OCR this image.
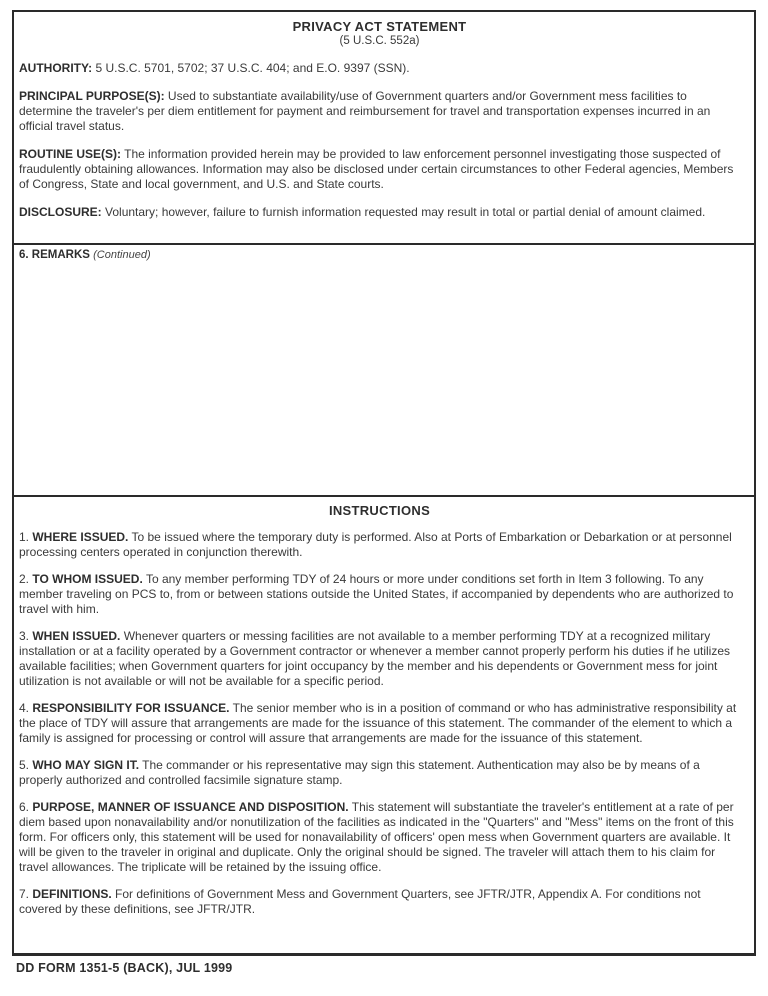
PRIVACY ACT STATEMENT
(5 U.S.C. 552a)

AUTHORITY: 5 U.S.C. 5701, 5702; 37 U.S.C. 404; and E.O. 9397 (SSN).

PRINCIPAL PURPOSE(S): Used to substantiate availability/use of Government quarters and/or Government mess facilities to determine the traveler's per diem entitlement for payment and reimbursement for travel and transportation expenses incurred in an official travel status.

ROUTINE USE(S): The information provided herein may be provided to law enforcement personnel investigating those suspected of fraudulently obtaining allowances. Information may also be disclosed under certain circumstances to other Federal agencies, Members of Congress, State and local government, and U.S. and State courts.

DISCLOSURE: Voluntary; however, failure to furnish information requested may result in total or partial denial of amount claimed.

6. REMARKS (Continued)
INSTRUCTIONS

1. WHERE ISSUED. To be issued where the temporary duty is performed. Also at Ports of Embarkation or Debarkation or at personnel processing centers operated in conjunction therewith.

2. TO WHOM ISSUED. To any member performing TDY of 24 hours or more under conditions set forth in Item 3 following. To any member traveling on PCS to, from or between stations outside the United States, if accompanied by dependents who are authorized to travel with him.

3. WHEN ISSUED. Whenever quarters or messing facilities are not available to a member performing TDY at a recognized military installation or at a facility operated by a Government contractor or whenever a member cannot properly perform his duties if he utilizes available facilities; when Government quarters for joint occupancy by the member and his dependents or Government mess for joint utilization is not available or will not be available for a specific period.

4. RESPONSIBILITY FOR ISSUANCE. The senior member who is in a position of command or who has administrative responsibility at the place of TDY will assure that arrangements are made for the issuance of this statement. The commander of the element to which a family is assigned for processing or control will assure that arrangements are made for the issuance of this statement.

5. WHO MAY SIGN IT. The commander or his representative may sign this statement. Authentication may also be by means of a properly authorized and controlled facsimile signature stamp.

6. PURPOSE, MANNER OF ISSUANCE AND DISPOSITION. This statement will substantiate the traveler's entitlement at a rate of per diem based upon nonavailability and/or nonutilization of the facilities as indicated in the "Quarters" and "Mess" items on the front of this form. For officers only, this statement will be used for nonavailability of officers' open mess when Government quarters are available. It will be given to the traveler in original and duplicate. Only the original should be signed. The traveler will attach them to his claim for travel allowances. The triplicate will be retained by the issuing office.

7. DEFINITIONS. For definitions of Government Mess and Government Quarters, see JFTR/JTR, Appendix A. For conditions not covered by these definitions, see JFTR/JTR.

DD FORM 1351-5 (BACK), JUL 1999
